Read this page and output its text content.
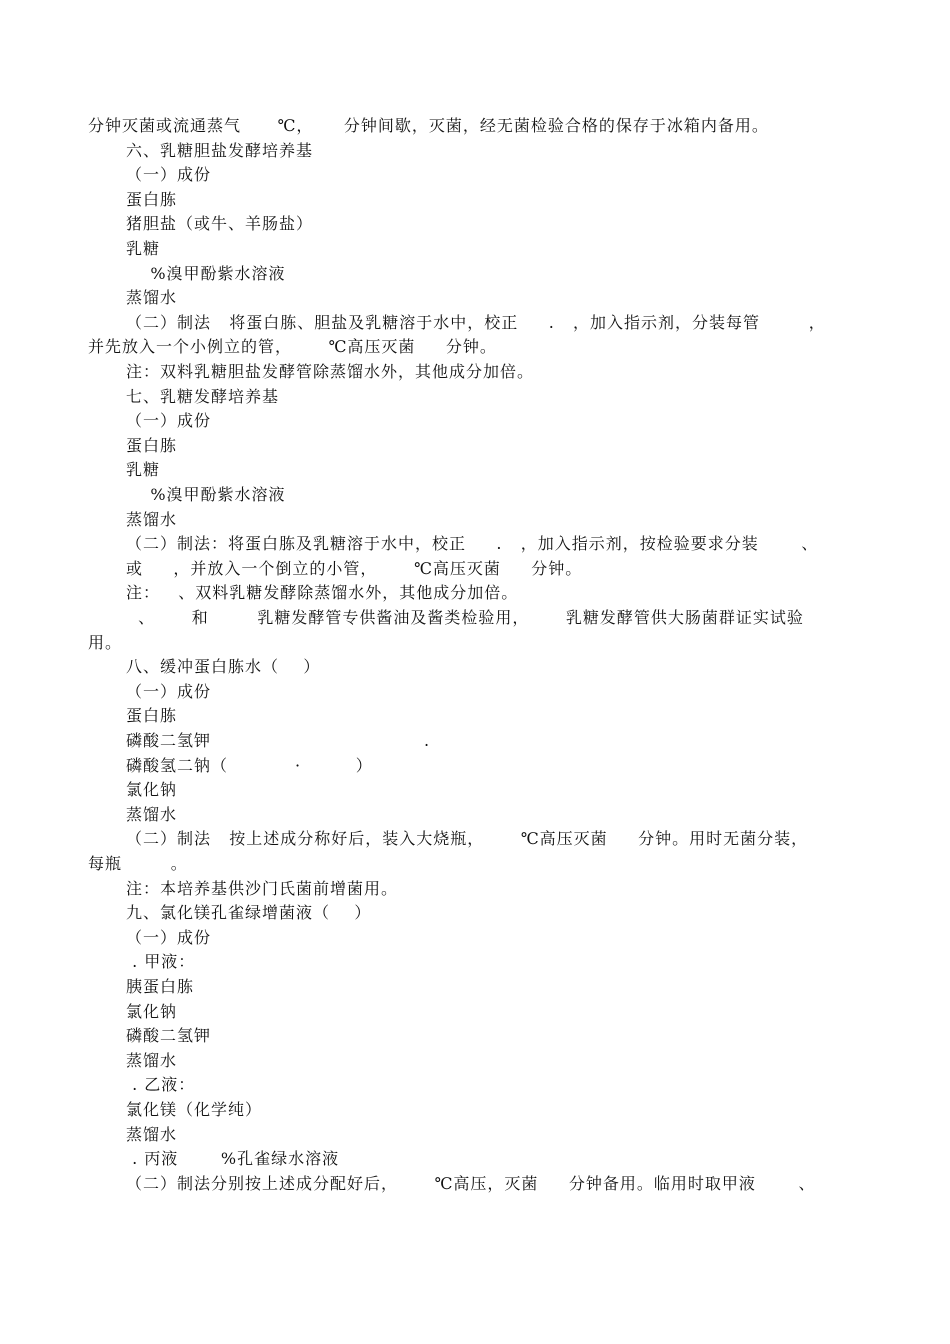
分钟灭菌或流通蒸气      ℃，     分钟间歇，灭菌，经无菌检验合格的保存于冰箱内备用。
六、乳糖胆盐发酵培养基
（一）成份
蛋白胨
猪胆盐（或牛、羊肠盐）
乳糖
%溴甲酚紫水溶液
蒸馏水
（二）制法   将蛋白胨、胆盐及乳糖溶于水中，校正     .   ，加入指示剂，分装每管        ，
并先放入一个小例立的管，      ℃高压灭菌     分钟。
注：双料乳糖胆盐发酵管除蒸馏水外，其他成分加倍。
七、乳糖发酵培养基
（一）成份
蛋白胨
乳糖
%溴甲酚紫水溶液
蒸馏水
（二）制法：将蛋白胨及乳糖溶于水中，校正     .   ，加入指示剂，按检验要求分装       、
或     ，并放入一个倒立的小管，      ℃高压灭菌     分钟。
注：   、双料乳糖发酵除蒸馏水外，其他成分加倍。
、      和        乳糖发酵管专供酱油及酱类检验用，      乳糖发酵管供大肠菌群证实试验
用。
八、缓冲蛋白胨水（    ）
（一）成份
蛋白胨
磷酸二氢钾                                   .
磷酸氢二钠（           ·         ）
氯化钠
蒸馏水
（二）制法   按上述成分称好后，装入大烧瓶，      ℃高压灭菌     分钟。用时无菌分装，
每瓶        。
注：本培养基供沙门氏菌前增菌用。
九、氯化镁孔雀绿增菌液（    ）
（一）成份
. 甲液：
胰蛋白胨
氯化钠
磷酸二氢钾
蒸馏水
. 乙液：
氯化镁（化学纯）
蒸馏水
. 丙液       %孔雀绿水溶液
（二）制法分别按上述成分配好后，      ℃高压，灭菌     分钟备用。临用时取甲液       、
